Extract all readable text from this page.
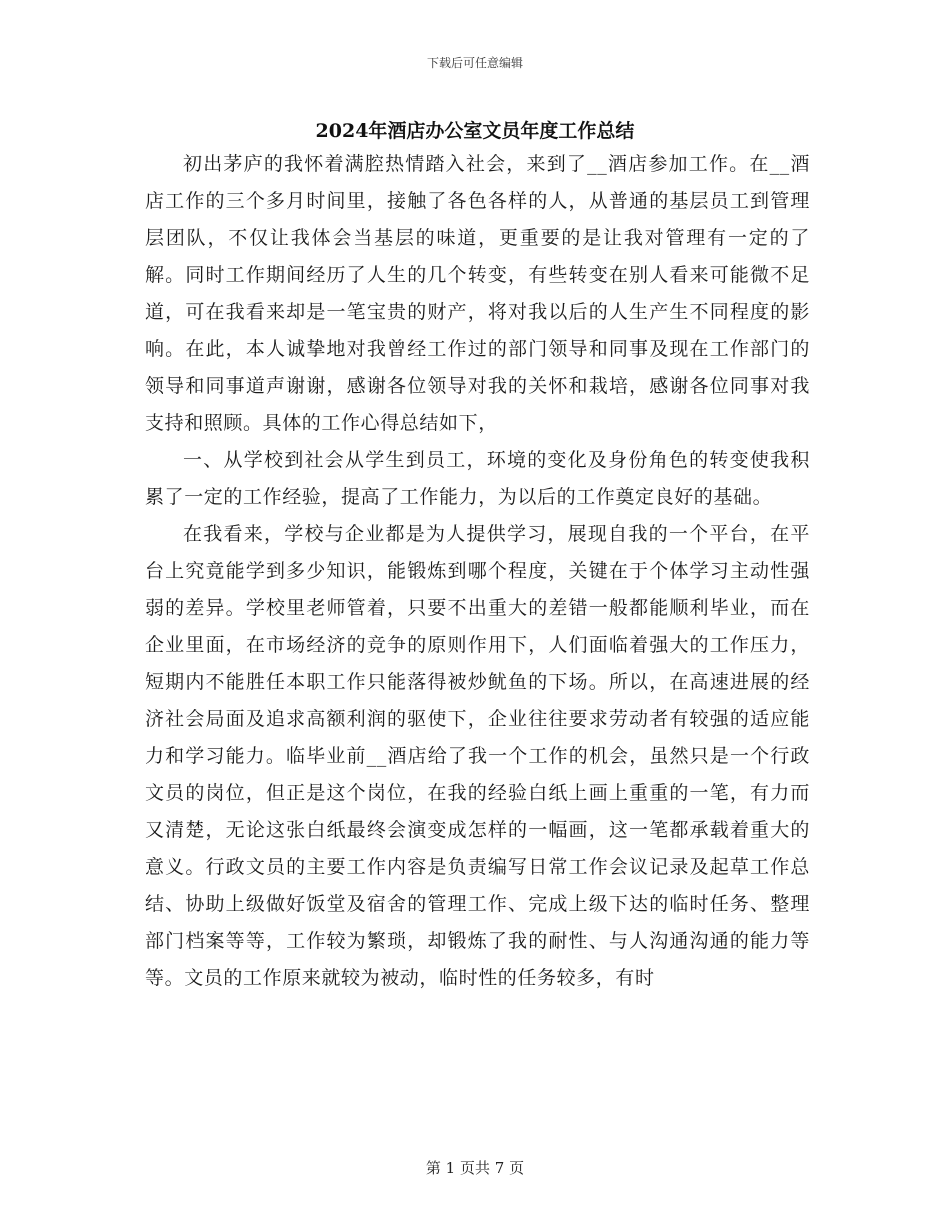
下载后可任意编辑
2024年酒店办公室文员年度工作总结

初出茅庐的我怀着满腔热情踏入社会，来到了__酒店参加工作。在__酒店工作的三个多月时间里，接触了各色各样的人，从普通的基层员工到管理层团队，不仅让我体会当基层的味道，更重要的是让我对管理有一定的了解。同时工作期间经历了人生的几个转变，有些转变在别人看来可能微不足道，可在我看来却是一笔宝贵的财产，将对我以后的人生产生不同程度的影响。在此，本人诚挚地对我曾经工作过的部门领导和同事及现在工作部门的领导和同事道声谢谢，感谢各位领导对我的关怀和栽培，感谢各位同事对我支持和照顾。具体的工作心得总结如下，

一、从学校到社会从学生到员工，环境的变化及身份角色的转变使我积累了一定的工作经验，提高了工作能力，为以后的工作奠定良好的基础。

在我看来，学校与企业都是为人提供学习，展现自我的一个平台，在平台上究竟能学到多少知识，能锻炼到哪个程度，关键在于个体学习主动性强弱的差异。学校里老师管着，只要不出重大的差错一般都能顺利毕业，而在企业里面，在市场经济的竞争的原则作用下，人们面临着强大的工作压力，短期内不能胜任本职工作只能落得被炒鱿鱼的下场。所以，在高速进展的经济社会局面及追求高额利润的驱使下，企业往往要求劳动者有较强的适应能力和学习能力。临毕业前__酒店给了我一个工作的机会，虽然只是一个行政文员的岗位，但正是这个岗位，在我的经验白纸上画上重重的一笔，有力而又清楚，无论这张白纸最终会演变成怎样的一幅画，这一笔都承载着重大的意义。行政文员的主要工作内容是负责编写日常工作会议记录及起草工作总结、协助上级做好饭堂及宿舍的管理工作、完成上级下达的临时任务、整理部门档案等等，工作较为繁琐，却锻炼了我的耐性、与人沟通沟通的能力等等。文员的工作原来就较为被动，临时性的任务较多，有时

第 1 页共 7 页
